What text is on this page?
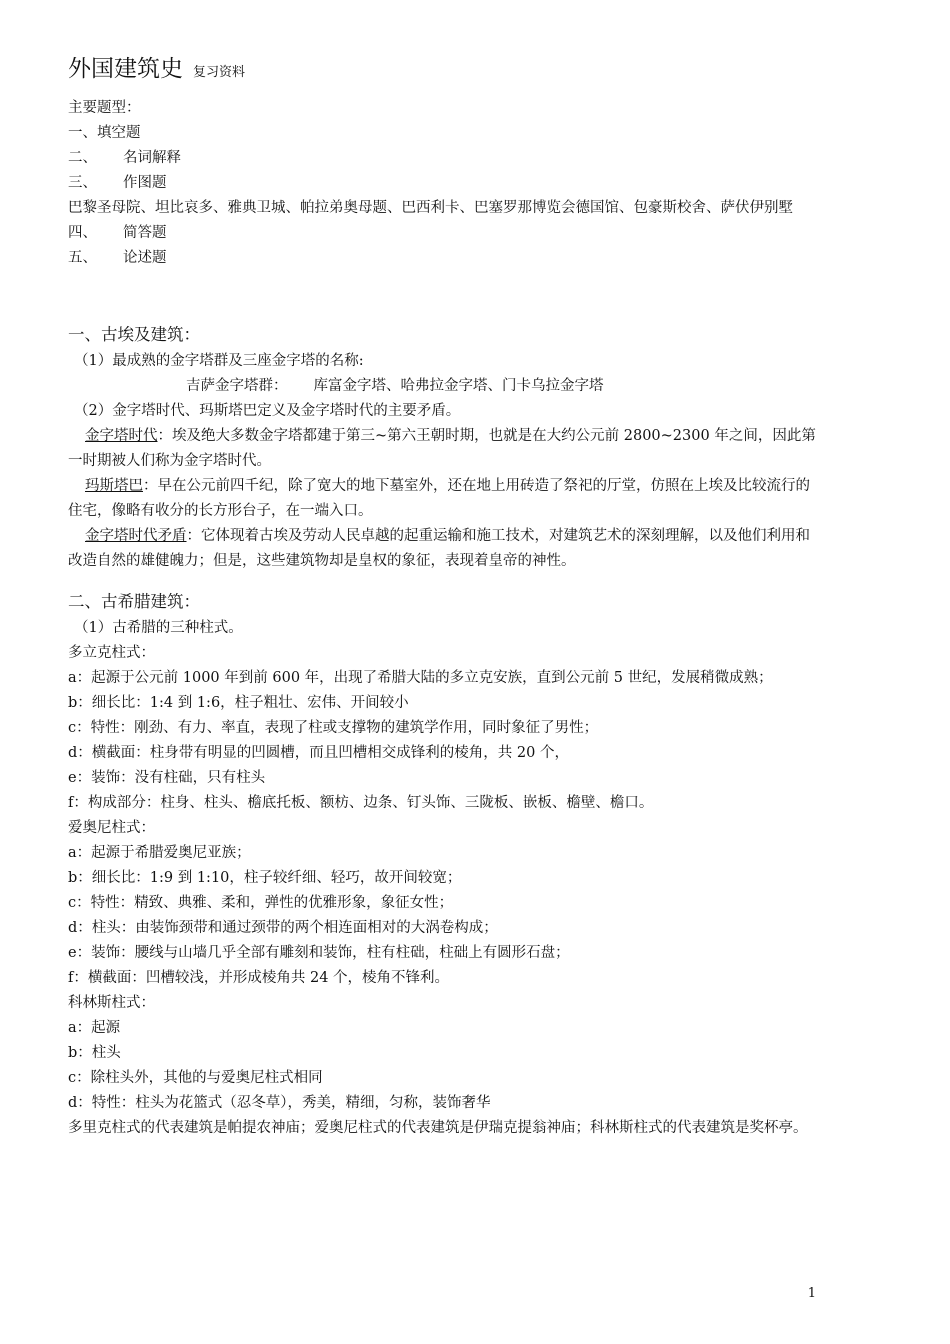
外国建筑史 复习资料

主要题型：

一、填空题

二、 名词解释

三、 作图题

巴黎圣母院、坦比哀多、雅典卫城、帕拉弟奥母题、巴西利卡、巴塞罗那博览会德国馆、包豪斯校舍、萨伏伊别墅

四、 简答题

五、 论述题

一、古埃及建筑：

（1）最成熟的金字塔群及三座金字塔的名称:

吉萨金字塔群： 库富金字塔、哈弗拉金字塔、门卡乌拉金字塔

（2）金字塔时代、玛斯塔巴定义及金字塔时代的主要矛盾。

金字塔时代：埃及绝大多数金字塔都建于第三~第六王朝时期，也就是在大约公元前 2800~2300 年之间，因此第一时期被人们称为金字塔时代。

玛斯塔巴：早在公元前四千纪，除了宽大的地下墓室外，还在地上用砖造了祭祀的厅堂，仿照在上埃及比较流行的住宅，像略有收分的长方形台子，在一端入口。

金字塔时代矛盾：它体现着古埃及劳动人民卓越的起重运输和施工技术，对建筑艺术的深刻理解，以及他们利用和改造自然的雄健魄力；但是，这些建筑物却是皇权的象征，表现着皇帝的神性。

二、古希腊建筑：

（1）古希腊的三种柱式。

多立克柱式：

a：起源于公元前 1000 年到前 600 年，出现了希腊大陆的多立克安族，直到公元前 5 世纪，发展稍微成熟；

b：细长比：1:4 到 1:6，柱子粗壮、宏伟、开间较小

c：特性：刚劲、有力、率直，表现了柱或支撑物的建筑学作用，同时象征了男性；

d：横截面：柱身带有明显的凹圆槽，而且凹槽相交成锋利的棱角，共 20 个，

e：装饰：没有柱础，只有柱头

f：构成部分：柱身、柱头、檐底托板、额枋、边条、钉头饰、三陇板、嵌板、檐壁、檐口。

爱奥尼柱式：

a：起源于希腊爱奥尼亚族；

b：细长比：1:9 到 1:10，柱子较纤细、轻巧，故开间较宽；

c：特性：精致、典雅、柔和，弹性的优雅形象，象征女性；

d：柱头：由装饰颈带和通过颈带的两个相连面相对的大涡卷构成；

e：装饰：腰线与山墙几乎全部有雕刻和装饰，柱有柱础，柱础上有圆形石盘；

f：横截面：凹槽较浅，并形成棱角共 24 个，棱角不锋利。

科林斯柱式：

a：起源

b：柱头

c：除柱头外，其他的与爱奥尼柱式相同

d：特性：柱头为花篮式（忍冬草），秀美，精细，匀称，装饰奢华

多里克柱式的代表建筑是帕提农神庙；爱奥尼柱式的代表建筑是伊瑞克提翁神庙；科林斯柱式的代表建筑是奖杯亭。

1
